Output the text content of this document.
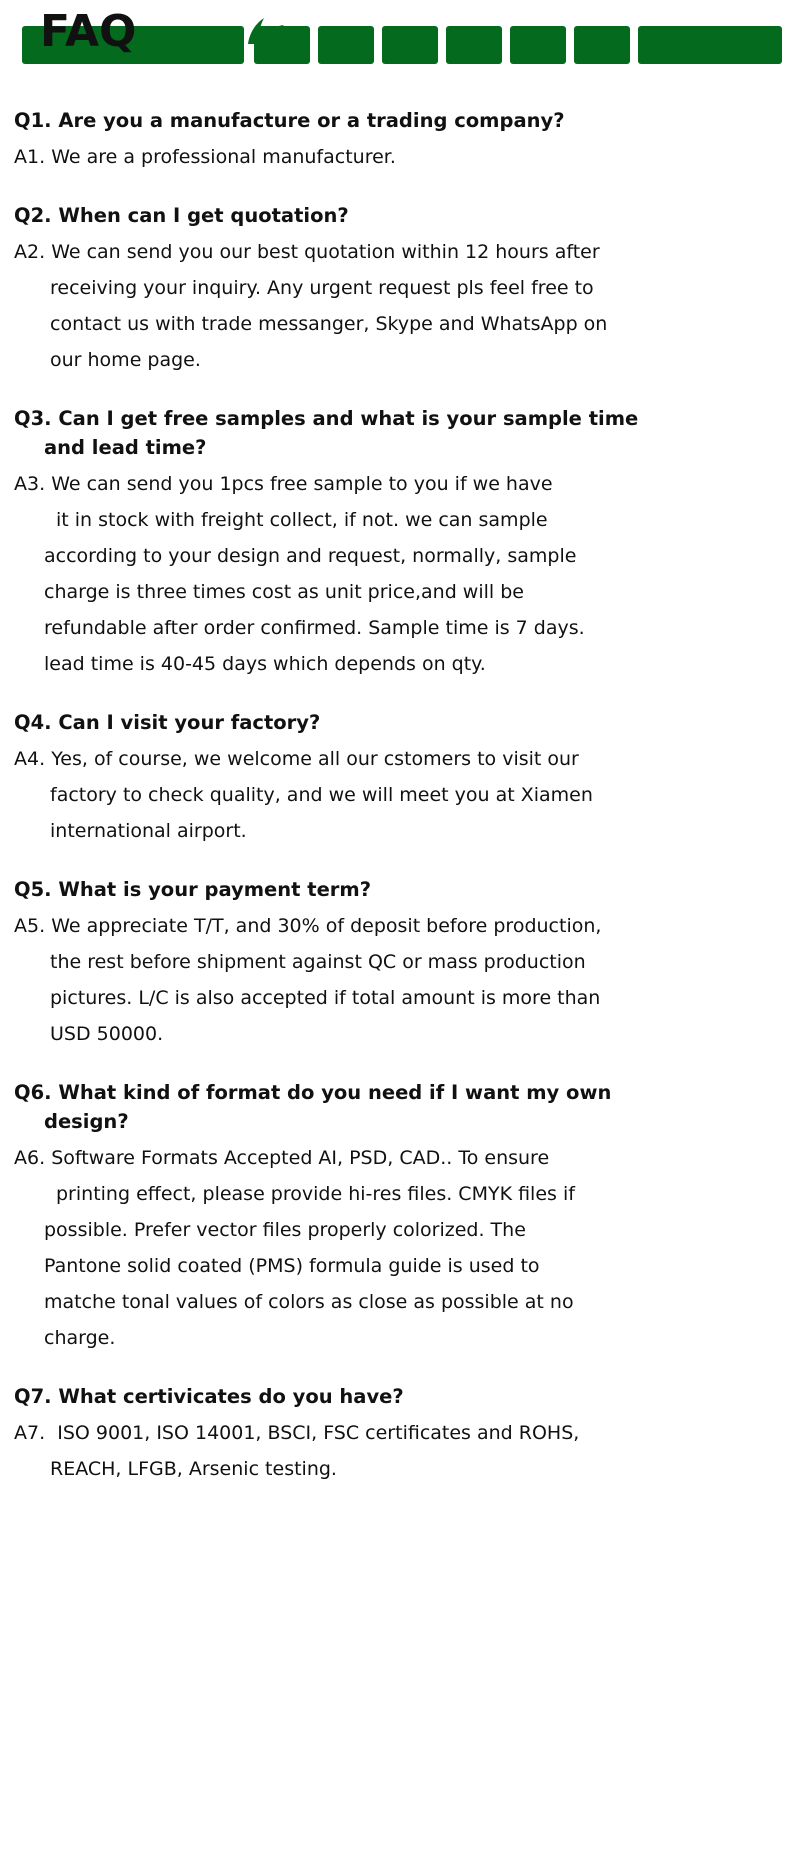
FAQ

Q1. Are you a manufacture or a trading company?

A1. We are a professional manufacturer.

Q2. When can I get quotation?

A2. We can send you our best quotation within 12 hours after
receiving your inquiry. Any urgent request pls feel free to
contact us with trade messanger, Skype and WhatsApp on
our home page.

Q3. Can I get free samples and what is your sample time
and lead time?

A3. We can send you 1pcs free sample to you if we have
it in stock with freight collect, if not. we can sample
according to your design and request, normally, sample
charge is three times cost as unit price,and will be
refundable after order confirmed. Sample time is 7 days.
lead time is 40-45 days which depends on qty.

Q4. Can I visit your factory?

A4. Yes, of course, we welcome all our cstomers to visit our
factory to check quality, and we will meet you at Xiamen
international airport.

Q5. What is your payment term?

A5. We appreciate T/T, and 30% of deposit before production,
the rest before shipment against QC or mass production
pictures. L/C is also accepted if total amount is more than
USD 50000.

Q6. What kind of format do you need if I want my own
design?

A6. Software Formats Accepted AI, PSD, CAD.. To ensure
printing effect, please provide hi-res files. CMYK files if
possible. Prefer vector files properly colorized. The
Pantone solid coated (PMS) formula guide is used to
matche tonal values of colors as close as possible at no
charge.

Q7. What certivicates do you have?

A7.  ISO 9001, ISO 14001, BSCI, FSC certificates and ROHS,
REACH, LFGB, Arsenic testing.
